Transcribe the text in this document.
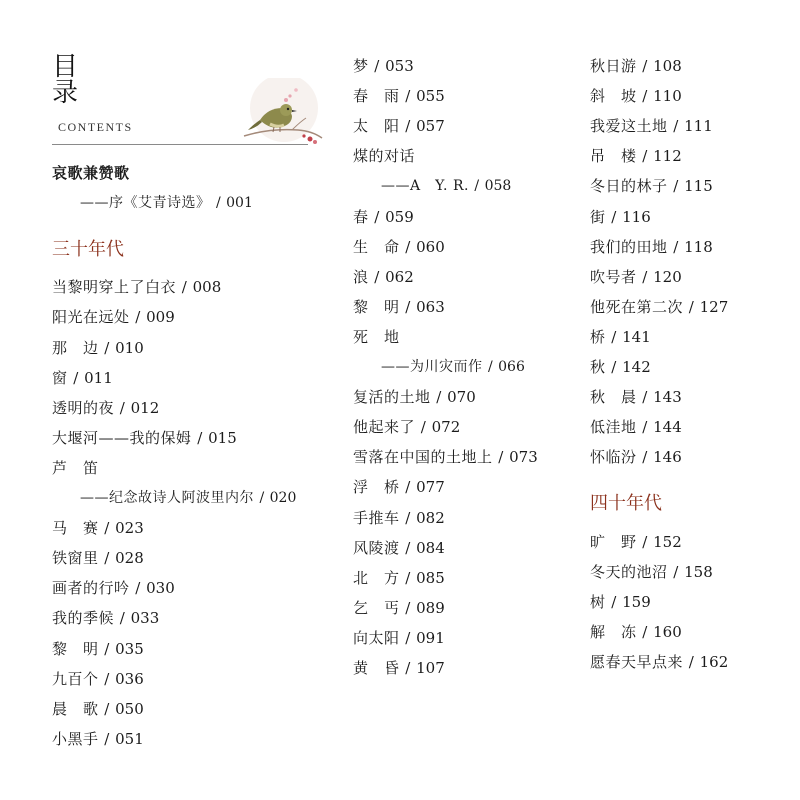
目
录
CONTENTS
哀歌兼赞歌
——序《艾青诗选》 / 001
三十年代
当黎明穿上了白衣 / 008
阳光在远处 / 009
那　边 / 010
窗 / 011
透明的夜 / 012
大堰河——我的保姆 / 015
芦　笛
——纪念故诗人阿波里内尔 / 020
马　赛 / 023
铁窗里 / 028
画者的行吟 / 030
我的季候 / 033
黎　明 / 035
九百个 / 036
晨　歌 / 050
小黑手 / 051
梦 / 053
春　雨 / 055
太　阳 / 057
煤的对话
——A　Y. R. / 058
春 / 059
生　命 / 060
浪 / 062
黎　明 / 063
死　地
——为川灾而作 / 066
复活的土地 / 070
他起来了 / 072
雪落在中国的土地上 / 073
浮　桥 / 077
手推车 / 082
风陵渡 / 084
北　方 / 085
乞　丐 / 089
向太阳 / 091
黄　昏 / 107
秋日游 / 108
斜　坡 / 110
我爱这土地 / 111
吊　楼 / 112
冬日的林子 / 115
街 / 116
我们的田地 / 118
吹号者 / 120
他死在第二次 / 127
桥 / 141
秋 / 142
秋　晨 / 143
低洼地 / 144
怀临汾 / 146
四十年代
旷　野 / 152
冬天的池沼 / 158
树 / 159
解　冻 / 160
愿春天早点来 / 162
